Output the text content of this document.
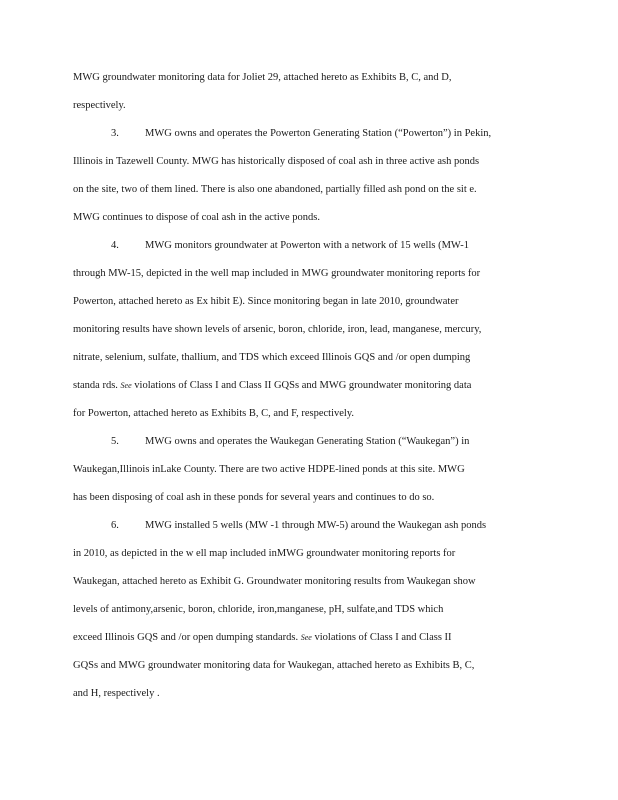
MWG groundwater monitoring data for Joliet 29, attached hereto as Exhibits B, C, and D,
respectively.
3. MWG owns and operates the Powerton Generating Station (“Powerton”) in Pekin,
Illinois in Tazewell County. MWG has historically disposed of coal ash in three active ash ponds
on the site, two of them lined. There is also one abandoned, partially filled ash pond on the sit e.
MWG continues to dispose of coal ash in the active ponds.
4. MWG monitors groundwater at Powerton with a network of 15 wells (MW-1
through MW-15, depicted in the well map included in MWG groundwater monitoring reports for
Powerton, attached hereto as Ex hibit E). Since monitoring began in late 2010, groundwater
monitoring results have shown levels of arsenic, boron, chloride, iron, lead, manganese, mercury,
nitrate, selenium, sulfate, thallium, and TDS which exceed Illinois GQS and /or open dumping
standa rds. See violations of Class I and Class II GQSs and MWG groundwater monitoring data
for Powerton, attached hereto as Exhibits B, C, and F, respectively.
5. MWG owns and operates the Waukegan Generating Station (“Waukegan”) in
Waukegan,Illinois inLake County. There are two active HDPE-lined ponds at this site. MWG
has been disposing of coal ash in these ponds for several years and continues to do so.
6. MWG installed 5 wells (MW -1 through MW-5) around the Waukegan ash ponds
in 2010, as depicted in the w ell map included inMWG groundwater monitoring reports for
Waukegan, attached hereto as Exhibit G. Groundwater monitoring results from Waukegan show
levels of antimony,arsenic, boron, chloride, iron,manganese, pH, sulfate,and TDS which
exceed Illinois GQS and /or open dumping standards. See violations of Class I and Class II
GQSs and MWG groundwater monitoring data for Waukegan, attached hereto as Exhibits B, C,
and H, respectively .
